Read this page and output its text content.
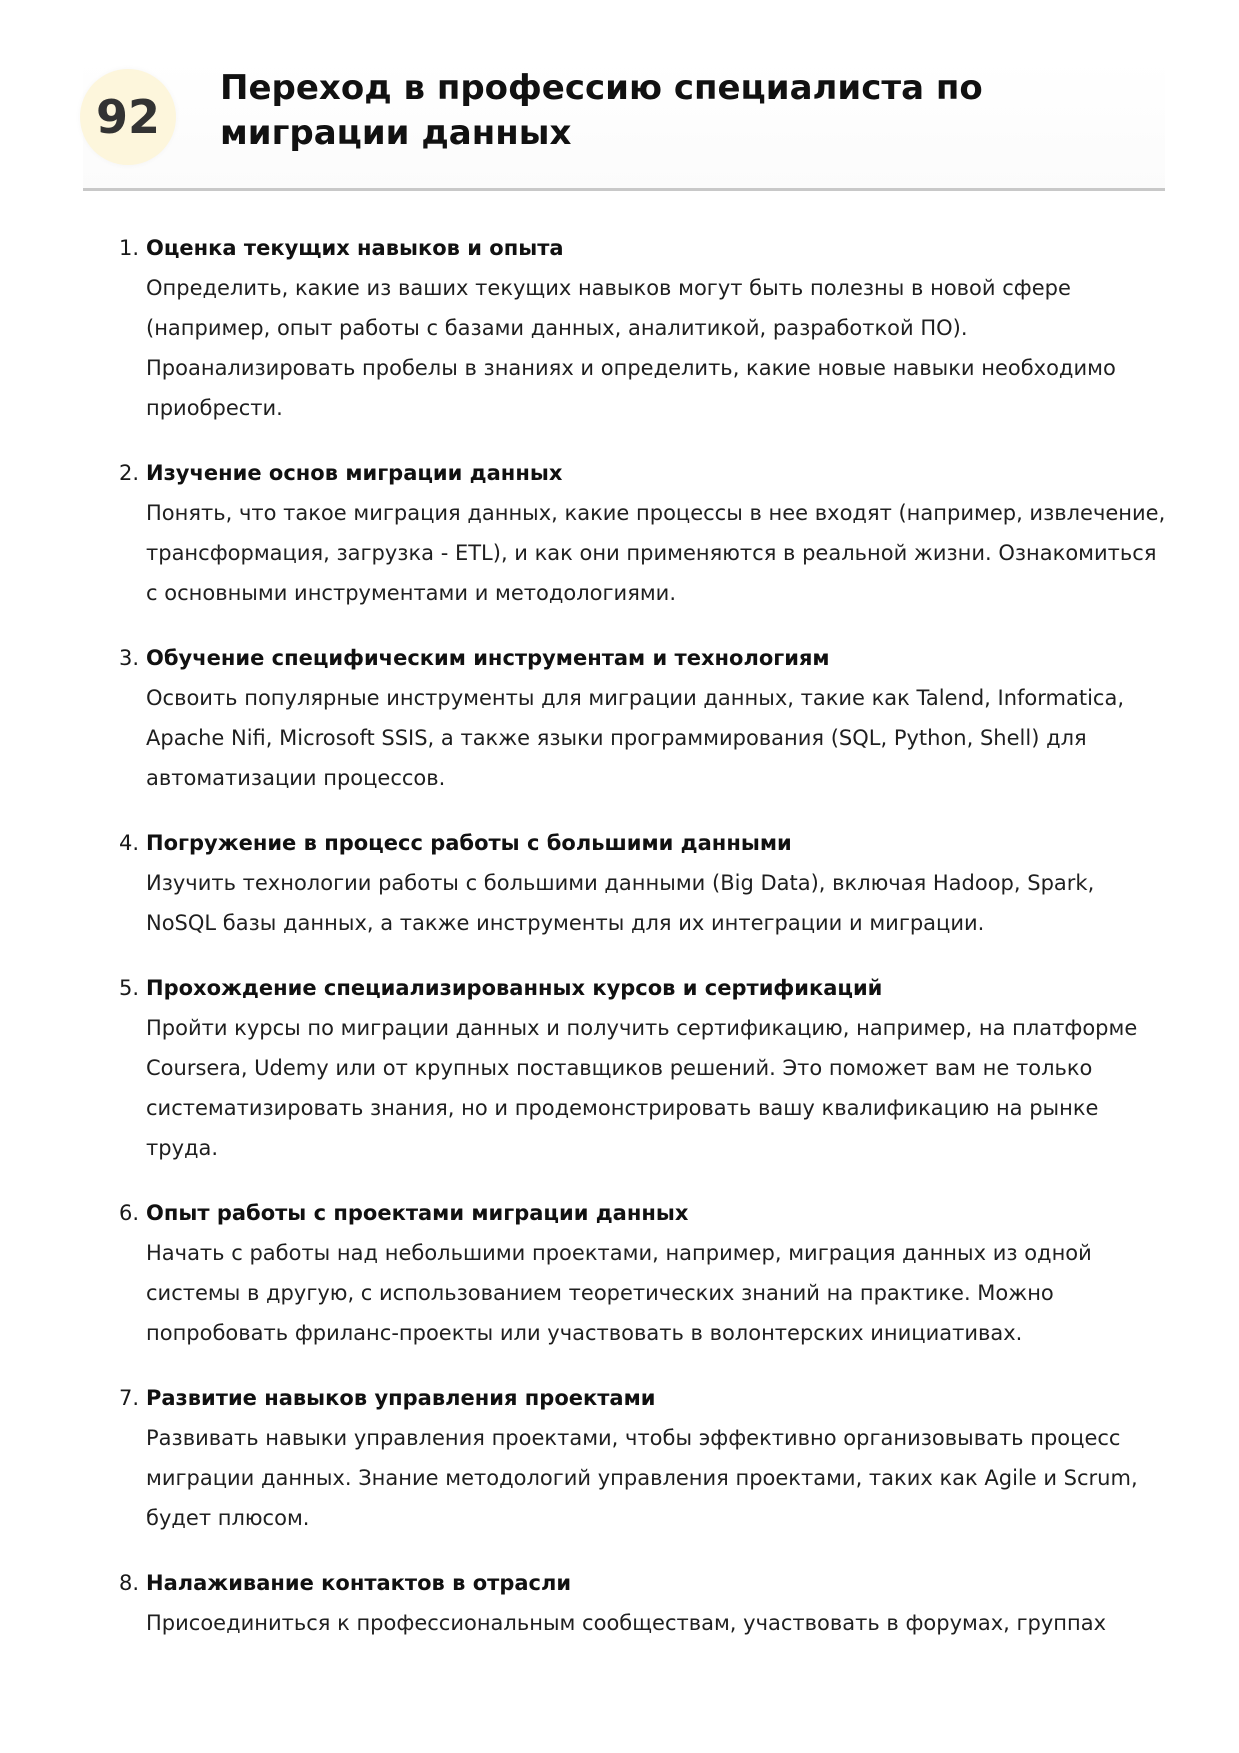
92
Переход в профессию специалиста по миграции данных
1. Оценка текущих навыков и опыта
Определить, какие из ваших текущих навыков могут быть полезны в новой сфере (например, опыт работы с базами данных, аналитикой, разработкой ПО). Проанализировать пробелы в знаниях и определить, какие новые навыки необходимо приобрести.
2. Изучение основ миграции данных
Понять, что такое миграция данных, какие процессы в нее входят (например, извлечение, трансформация, загрузка - ETL), и как они применяются в реальной жизни. Ознакомиться с основными инструментами и методологиями.
3. Обучение специфическим инструментам и технологиям
Освоить популярные инструменты для миграции данных, такие как Talend, Informatica, Apache Nifi, Microsoft SSIS, а также языки программирования (SQL, Python, Shell) для автоматизации процессов.
4. Погружение в процесс работы с большими данными
Изучить технологии работы с большими данными (Big Data), включая Hadoop, Spark, NoSQL базы данных, а также инструменты для их интеграции и миграции.
5. Прохождение специализированных курсов и сертификаций
Пройти курсы по миграции данных и получить сертификацию, например, на платформе Coursera, Udemy или от крупных поставщиков решений. Это поможет вам не только систематизировать знания, но и продемонстрировать вашу квалификацию на рынке труда.
6. Опыт работы с проектами миграции данных
Начать с работы над небольшими проектами, например, миграция данных из одной системы в другую, с использованием теоретических знаний на практике. Можно попробовать фриланс-проекты или участвовать в волонтерских инициативах.
7. Развитие навыков управления проектами
Развивать навыки управления проектами, чтобы эффективно организовывать процесс миграции данных. Знание методологий управления проектами, таких как Agile и Scrum, будет плюсом.
8. Налаживание контактов в отрасли
Присоединиться к профессиональным сообществам, участвовать в форумах, группах
